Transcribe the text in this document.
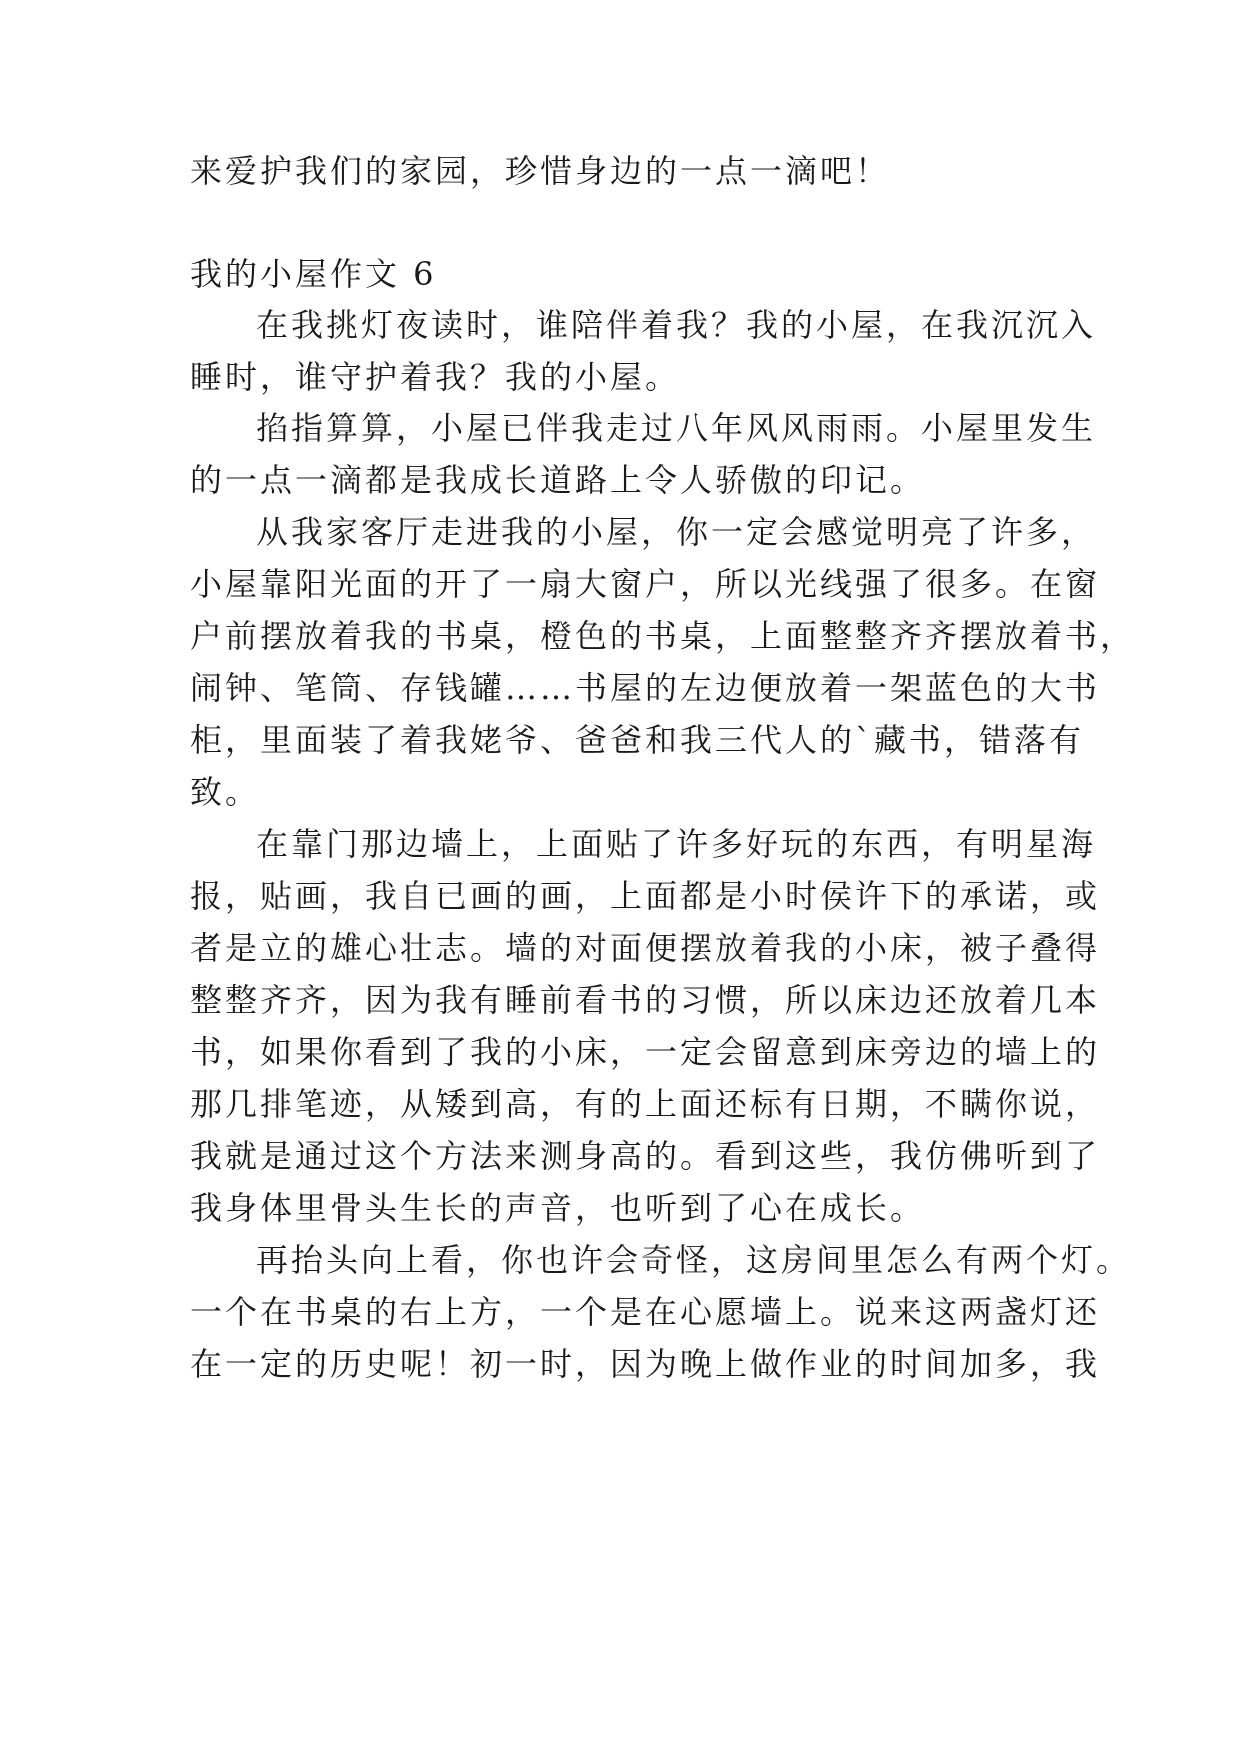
来爱护我们的家园，珍惜身边的一点一滴吧！
我的小屋作文 6
在我挑灯夜读时，谁陪伴着我？我的小屋，在我沉沉入
睡时，谁守护着我？我的小屋。
掐指算算，小屋已伴我走过八年风风雨雨。小屋里发生
的一点一滴都是我成长道路上令人骄傲的印记。
从我家客厅走进我的小屋，你一定会感觉明亮了许多，
小屋靠阳光面的开了一扇大窗户，所以光线强了很多。在窗
户前摆放着我的书桌，橙色的书桌，上面整整齐齐摆放着书，
闹钟、笔筒、存钱罐……书屋的左边便放着一架蓝色的大书
柜，里面装了着我姥爷、爸爸和我三代人的`藏书，错落有
致。
在靠门那边墙上，上面贴了许多好玩的东西，有明星海
报，贴画，我自已画的画，上面都是小时侯许下的承诺，或
者是立的雄心壮志。墙的对面便摆放着我的小床，被子叠得
整整齐齐，因为我有睡前看书的习惯，所以床边还放着几本
书，如果你看到了我的小床，一定会留意到床旁边的墙上的
那几排笔迹，从矮到高，有的上面还标有日期，不瞒你说，
我就是通过这个方法来测身高的。看到这些，我仿佛听到了
我身体里骨头生长的声音，也听到了心在成长。
再抬头向上看，你也许会奇怪，这房间里怎么有两个灯。
一个在书桌的右上方，一个是在心愿墙上。说来这两盏灯还
在一定的历史呢！初一时，因为晚上做作业的时间加多，我
